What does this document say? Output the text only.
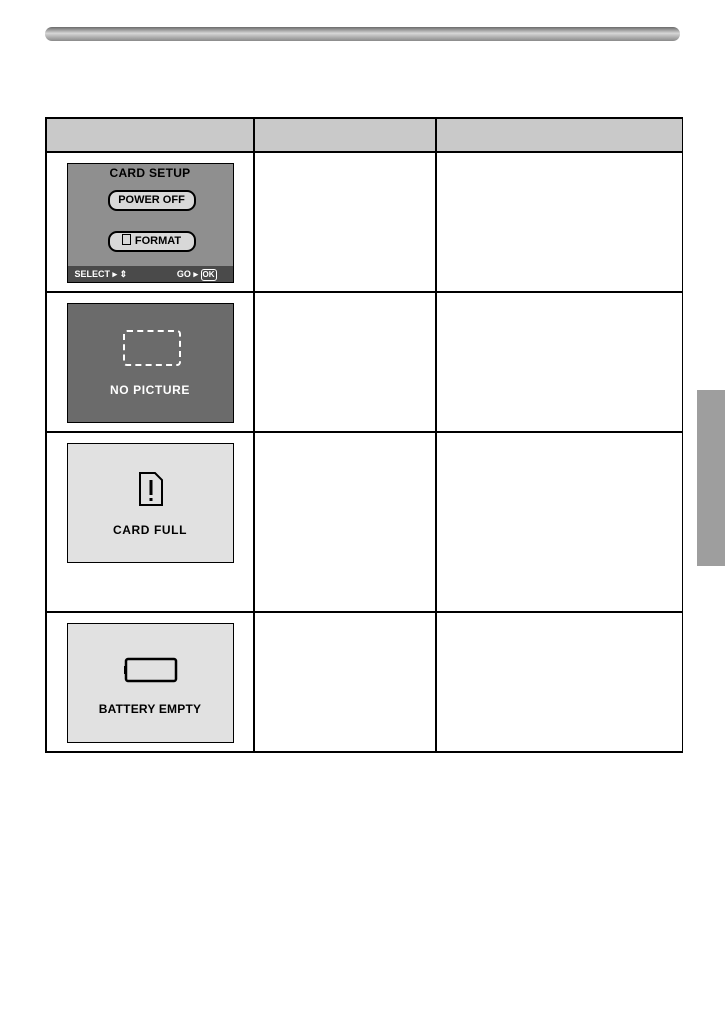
CARD SETUP
POWER OFF
FORMAT
SELECT ▸ ⇕ GO ▸ OK		

NO PICTURE		

CARD FULL		

BATTERY EMPTY		
